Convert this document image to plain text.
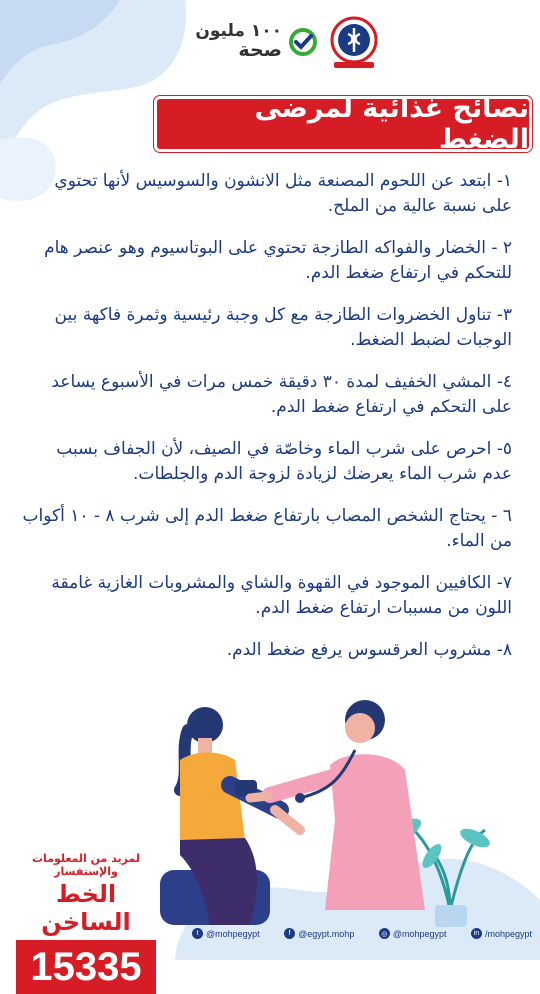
١٠٠ مليون
صحة
نصائح غذائية لمرضى الضغط

١- ابتعد عن اللحوم المصنعة مثل الانشون والسوسيس لأنها تحتوي على نسبة عالية من الملح.

٢ - الخضار والفواكه الطازجة تحتوي على البوتاسيوم وهو عنصر هام للتحكم في ارتفاع ضغط الدم.

٣- تناول الخضروات الطازجة مع كل وجبة رئيسية وثمرة فاكهة بين الوجبات لضبط الضغط.

٤- المشي الخفيف لمدة ٣٠ دقيقة خمس مرات في الأسبوع يساعد على التحكم في ارتفاع ضغط الدم.

٥- احرص على شرب الماء وخاصّة في الصيف، لأن الجفاف بسبب عدم شرب الماء يعرضك لزيادة لزوجة الدم والجلطات.

٦ - يحتاج الشخص المصاب بارتفاع ضغط الدم إلى شرب ٨ - ١٠ أكواب من الماء.

٧- الكافيين الموجود في القهوة والشاي والمشروبات الغازية غامقة اللون من مسببات ارتفاع ضغط الدم.

٨- مشروب العرقسوس يرفع ضغط الدم.

لمزيد من المعلومات والإستفسار
الخط الساخن
15335
t @mohpegypt	f @egypt.mohp	◎ @mohpegypt	in /mohpegypt
